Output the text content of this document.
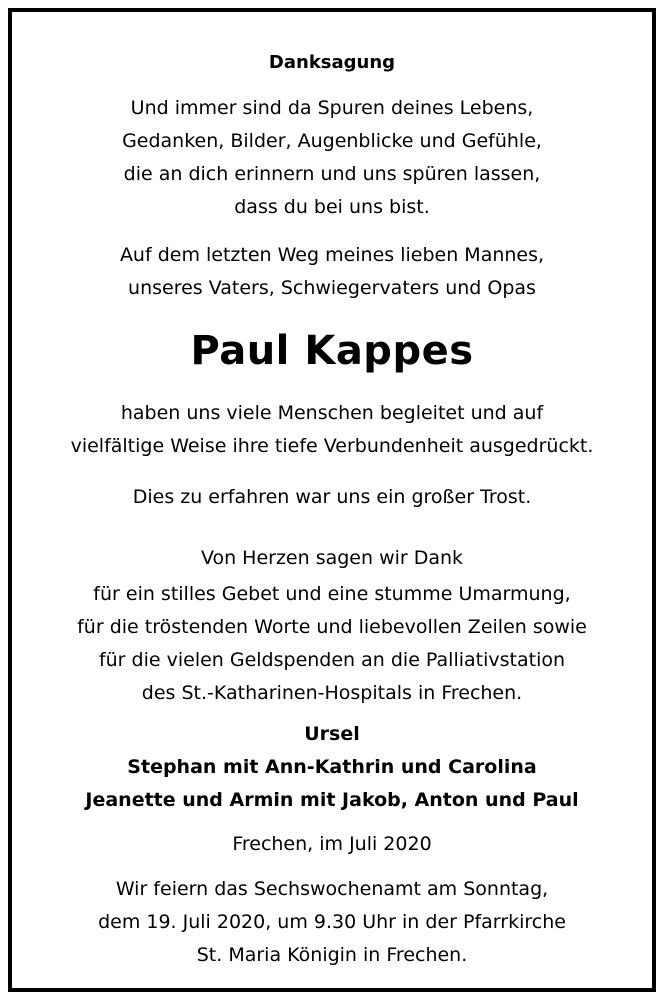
Danksagung
Und immer sind da Spuren deines Lebens,
Gedanken, Bilder, Augenblicke und Gefühle,
die an dich erinnern und uns spüren lassen,
dass du bei uns bist.
Auf dem letzten Weg meines lieben Mannes,
unseres Vaters, Schwiegervaters und Opas
Paul Kappes
haben uns viele Menschen begleitet und auf
vielfältige Weise ihre tiefe Verbundenheit ausgedrückt.
Dies zu erfahren war uns ein großer Trost.
Von Herzen sagen wir Dank
für ein stilles Gebet und eine stumme Umarmung,
für die tröstenden Worte und liebevollen Zeilen sowie
für die vielen Geldspenden an die Palliativstation
des St.-Katharinen-Hospitals in Frechen.
Ursel
Stephan mit Ann-Kathrin und Carolina
Jeanette und Armin mit Jakob, Anton und Paul
Frechen, im Juli 2020
Wir feiern das Sechswochenamt am Sonntag,
dem 19. Juli 2020, um 9.30 Uhr in der Pfarrkirche
St. Maria Königin in Frechen.
